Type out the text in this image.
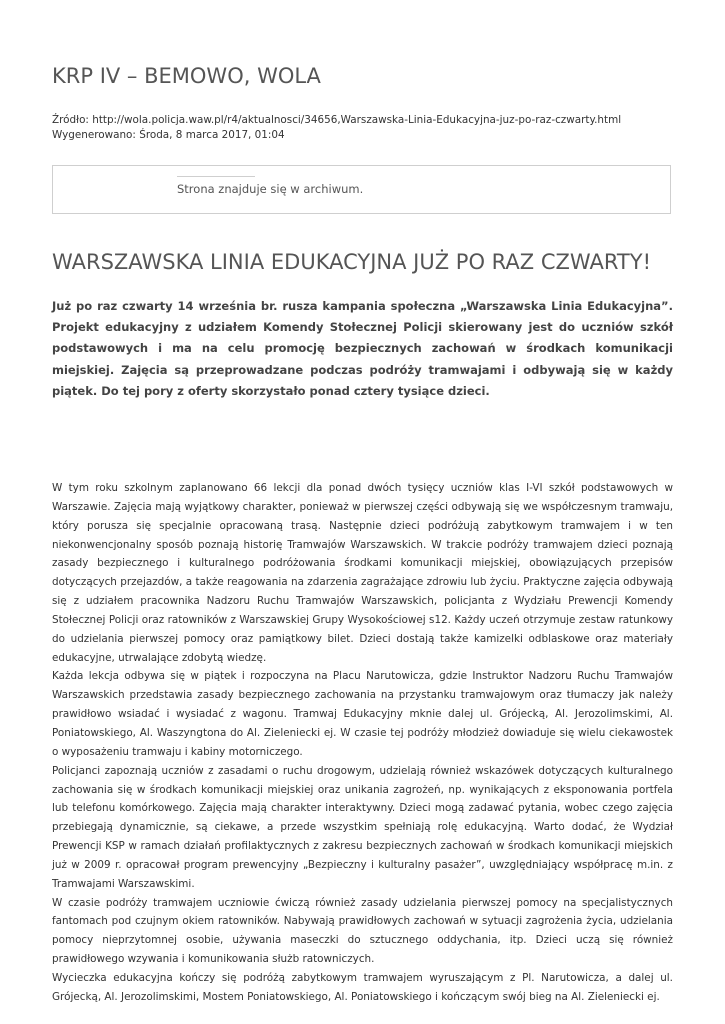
KRP IV – BEMOWO, WOLA
Źródło: http://wola.policja.waw.pl/r4/aktualnosci/34656,Warszawska-Linia-Edukacyjna-juz-po-raz-czwarty.html
Wygenerowano: Środa, 8 marca 2017, 01:04
Strona znajduje się w archiwum.
WARSZAWSKA LINIA EDUKACYJNA JUŻ PO RAZ CZWARTY!

Już po raz czwarty 14 września br. rusza kampania społeczna „Warszawska Linia Edukacyjna”. Projekt edukacyjny z udziałem Komendy Stołecznej Policji skierowany jest do uczniów szkół podstawowych i ma na celu promocję bezpiecznych zachowań w środkach komunikacji miejskiej. Zajęcia są przeprowadzane podczas podróży tramwajami i odbywają się w każdy piątek. Do tej pory z oferty skorzystało ponad cztery tysiące dzieci.

W tym roku szkolnym zaplanowano 66 lekcji dla ponad dwóch tysięcy uczniów klas I-VI szkół podstawowych w Warszawie. Zajęcia mają wyjątkowy charakter, ponieważ w pierwszej części odbywają się we współczesnym tramwaju, który porusza się specjalnie opracowaną trasą. Następnie dzieci podróżują zabytkowym tramwajem i w ten niekonwencjonalny sposób poznają historię Tramwajów Warszawskich. W trakcie podróży tramwajem dzieci poznają zasady bezpiecznego i kulturalnego podróżowania środkami komunikacji miejskiej, obowiązujących przepisów dotyczących przejazdów, a także reagowania na zdarzenia zagrażające zdrowiu lub życiu. Praktyczne zajęcia odbywają się z udziałem pracownika Nadzoru Ruchu Tramwajów Warszawskich, policjanta z Wydziału Prewencji Komendy Stołecznej Policji oraz ratowników z Warszawskiej Grupy Wysokościowej s12. Każdy uczeń otrzymuje zestaw ratunkowy do udzielania pierwszej pomocy oraz pamiątkowy bilet. Dzieci dostają także kamizelki odblaskowe oraz materiały edukacyjne, utrwalające zdobytą wiedzę.

Każda lekcja odbywa się w piątek i rozpoczyna na Placu Narutowicza, gdzie Instruktor Nadzoru Ruchu Tramwajów Warszawskich przedstawia zasady bezpiecznego zachowania na przystanku tramwajowym oraz tłumaczy jak należy prawidłowo wsiadać i wysiadać z wagonu. Tramwaj Edukacyjny mknie dalej ul. Grójecką, Al. Jerozolimskimi, Al. Poniatowskiego, Al. Waszyngtona do Al. Zieleniecki ej. W czasie tej podróży młodzież dowiaduje się wielu ciekawostek o wyposażeniu tramwaju i kabiny motorniczego.

Policjanci zapoznają uczniów z zasadami o ruchu drogowym, udzielają również wskazówek dotyczących kulturalnego zachowania się w środkach komunikacji miejskiej oraz unikania zagrożeń, np. wynikających z eksponowania portfela lub telefonu komórkowego. Zajęcia mają charakter interaktywny. Dzieci mogą zadawać pytania, wobec czego zajęcia przebiegają dynamicznie, są ciekawe, a przede wszystkim spełniają rolę edukacyjną. Warto dodać, że Wydział Prewencji KSP w ramach działań profilaktycznych z zakresu bezpiecznych zachowań w środkach komunikacji miejskich już w 2009 r. opracował program prewencyjny „Bezpieczny i kulturalny pasażer”, uwzględniający współpracę m.in. z Tramwajami Warszawskimi.

W czasie podróży tramwajem uczniowie ćwiczą również zasady udzielania pierwszej pomocy na specjalistycznych fantomach pod czujnym okiem ratowników. Nabywają prawidłowych zachowań w sytuacji zagrożenia życia, udzielania pomocy nieprzytomnej osobie, używania maseczki do sztucznego oddychania, itp. Dzieci uczą się również prawidłowego wzywania i komunikowania służb ratowniczych.

Wycieczka edukacyjna kończy się podróżą zabytkowym tramwajem wyruszającym z Pl. Narutowicza, a dalej ul. Grójecką, Al. Jerozolimskimi, Mostem Poniatowskiego, Al. Poniatowskiego i kończącym swój bieg na Al. Zieleniecki ej.
